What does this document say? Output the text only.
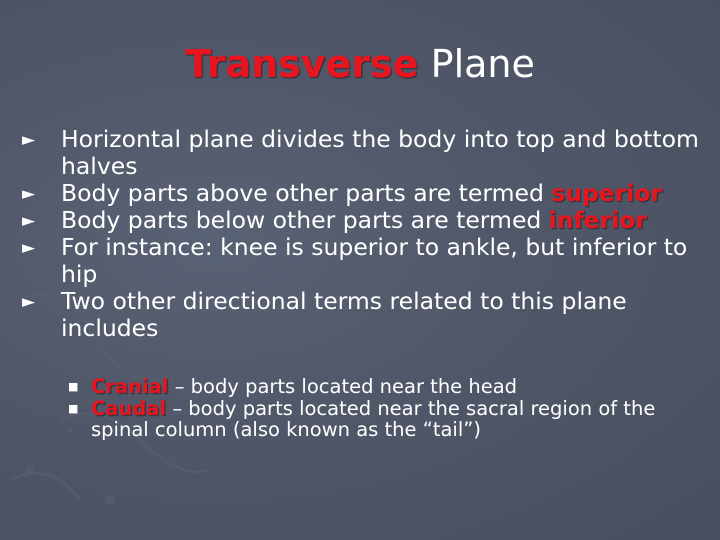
Transverse Plane

► Horizontal plane divides the body into top and bottom halves

► Body parts above other parts are termed superior

► Body parts below other parts are termed inferior

► For instance: knee is superior to ankle, but inferior to hip

► Two other directional terms related to this plane includes

■ Cranial – body parts located near the head
■ Caudal – body parts located near the sacral region of the spinal column (also known as the “tail”)
